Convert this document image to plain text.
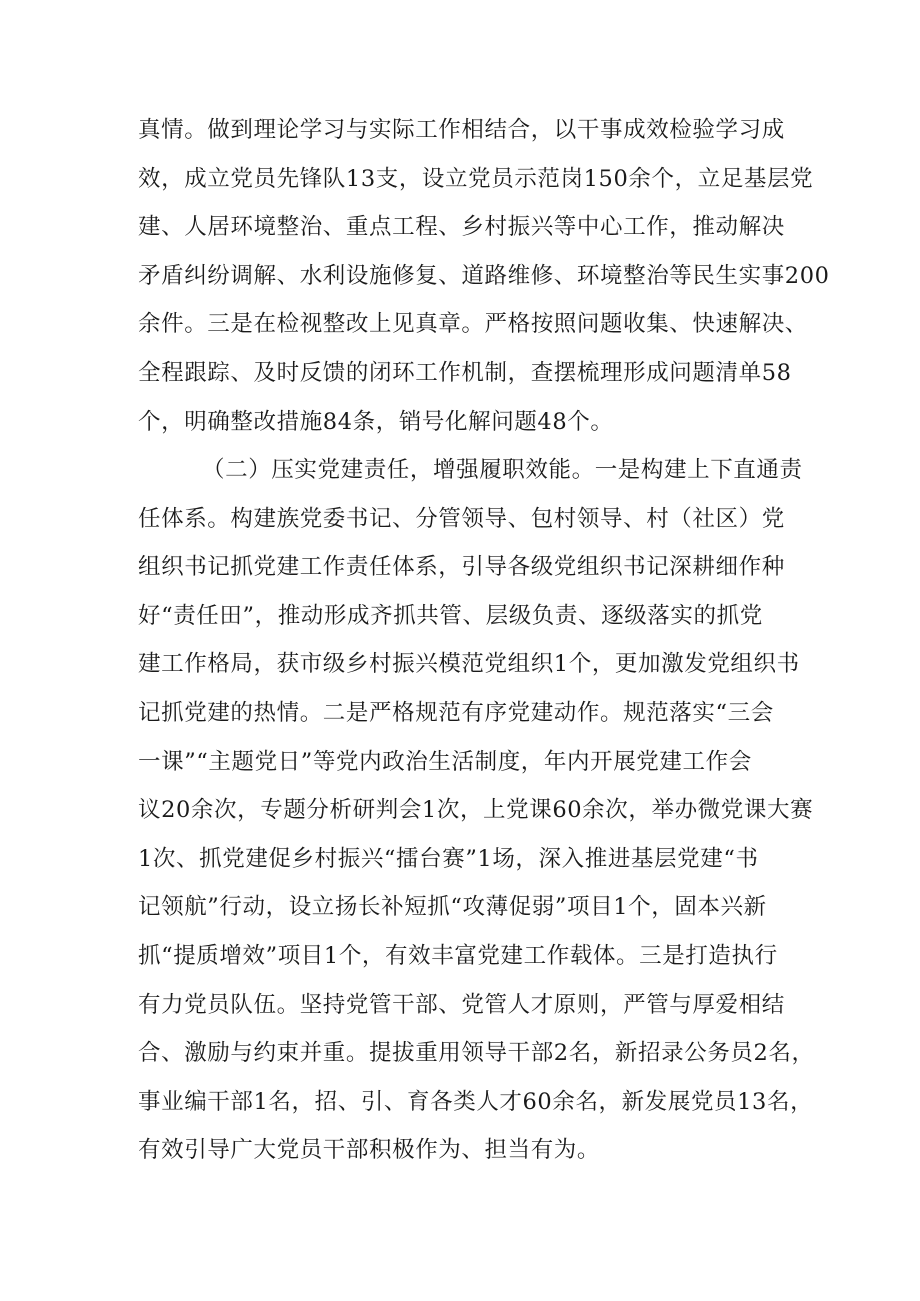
真情。做到理论学习与实际工作相结合，以干事成效检验学习成
效，成立党员先锋队13支，设立党员示范岗150余个，立足基层党
建、人居环境整治、重点工程、乡村振兴等中心工作，推动解决
矛盾纠纷调解、水利设施修复、道路维修、环境整治等民生实事200
余件。三是在检视整改上见真章。严格按照问题收集、快速解决、
全程跟踪、及时反馈的闭环工作机制，查摆梳理形成问题清单58
个，明确整改措施84条，销号化解问题48个。
（二）压实党建责任，增强履职效能。一是构建上下直通责
任体系。构建族党委书记、分管领导、包村领导、村（社区）党
组织书记抓党建工作责任体系，引导各级党组织书记深耕细作种
好“责任田”，推动形成齐抓共管、层级负责、逐级落实的抓党
建工作格局，获市级乡村振兴模范党组织1个，更加激发党组织书
记抓党建的热情。二是严格规范有序党建动作。规范落实“三会
一课”“主题党日”等党内政治生活制度，年内开展党建工作会
议20余次，专题分析研判会1次，上党课60余次，举办微党课大赛
1次、抓党建促乡村振兴“擂台赛”1场，深入推进基层党建“书
记领航”行动，设立扬长补短抓“攻薄促弱”项目1个，固本兴新
抓“提质增效”项目1个，有效丰富党建工作载体。三是打造执行
有力党员队伍。坚持党管干部、党管人才原则，严管与厚爱相结
合、激励与约束并重。提拔重用领导干部2名，新招录公务员2名，
事业编干部1名，招、引、育各类人才60余名，新发展党员13名，
有效引导广大党员干部积极作为、担当有为。
